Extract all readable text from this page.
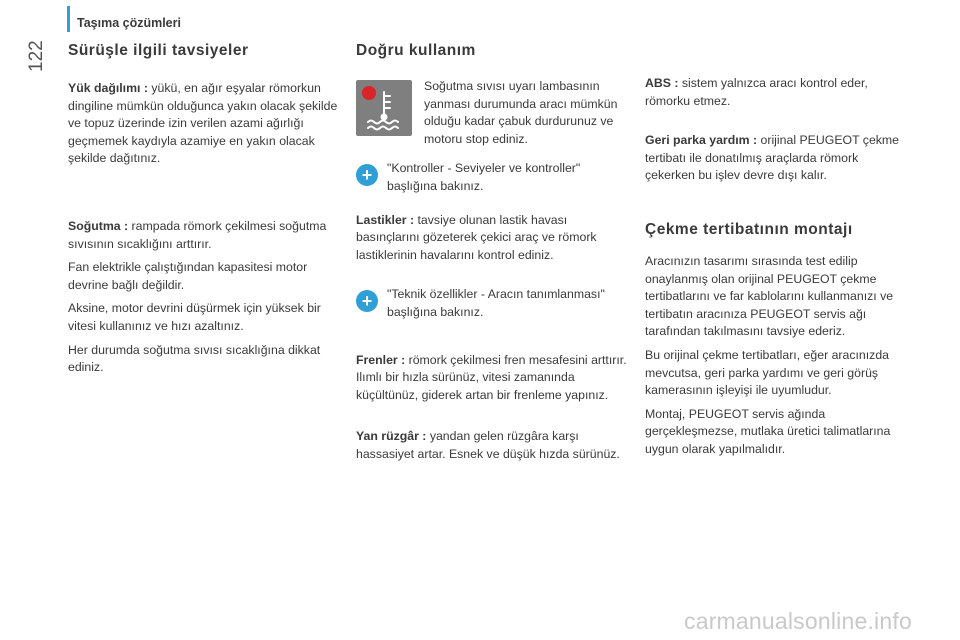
Taşıma çözümleri
122 Sürüşle ilgili tavsiyeler

Yük dağılımı : yükü, en ağır eşyalar römorkun dingiline mümkün olduğunca yakın olacak şekilde ve topuz üzerinde izin verilen azami ağırlığı geçmemek kaydıyla azamiye en yakın olacak şekilde dağıtınız.

Soğutma : rampada römork çekilmesi soğutma sıvısının sıcaklığını arttırır.

Fan elektrikle çalıştığından kapasitesi motor devrine bağlı değildir.

Aksine, motor devrini düşürmek için yüksek bir vitesi kullanınız ve hızı azaltınız.

Her durumda soğutma sıvısı sıcaklığına dikkat ediniz.

Doğru kullanım

Soğutma sıvısı uyarı lambasının yanması durumunda aracı mümkün olduğu kadar çabuk durdurunuz ve motoru stop ediniz.

+	"Kontroller - Seviyeler ve kontroller" başlığına bakınız.

Lastikler : tavsiye olunan lastik havası basınçlarını gözeterek çekici araç ve römork lastiklerinin havalarını kontrol ediniz.

+	"Teknik özellikler - Aracın tanımlanması" başlığına bakınız.

Frenler : römork çekilmesi fren mesafesini arttırır. Ilımlı bir hızla sürünüz, vitesi zamanında küçültünüz, giderek artan bir frenleme yapınız.

Yan rüzgâr : yandan gelen rüzgâra karşı hassasiyet artar. Esnek ve düşük hızda sürünüz.

ABS : sistem yalnızca aracı kontrol eder, römorku etmez.

Geri parka yardım : orijinal PEUGEOT çekme tertibatı ile donatılmış araçlarda römork çekerken bu işlev devre dışı kalır.

Çekme tertibatının montajı

Aracınızın tasarımı sırasında test edilip onaylanmış olan orijinal PEUGEOT çekme tertibatlarını ve far kablolarını kullanmanızı ve tertibatın aracınıza PEUGEOT servis ağı tarafından takılmasını tavsiye ederiz.

Bu orijinal çekme tertibatları, eğer aracınızda mevcutsa, geri parka yardımı ve geri görüş kamerasının işleyişi ile uyumludur.

Montaj, PEUGEOT servis ağında gerçekleşmezse, mutlaka üretici talimatlarına uygun olarak yapılmalıdır.

carmanualsonline.info
